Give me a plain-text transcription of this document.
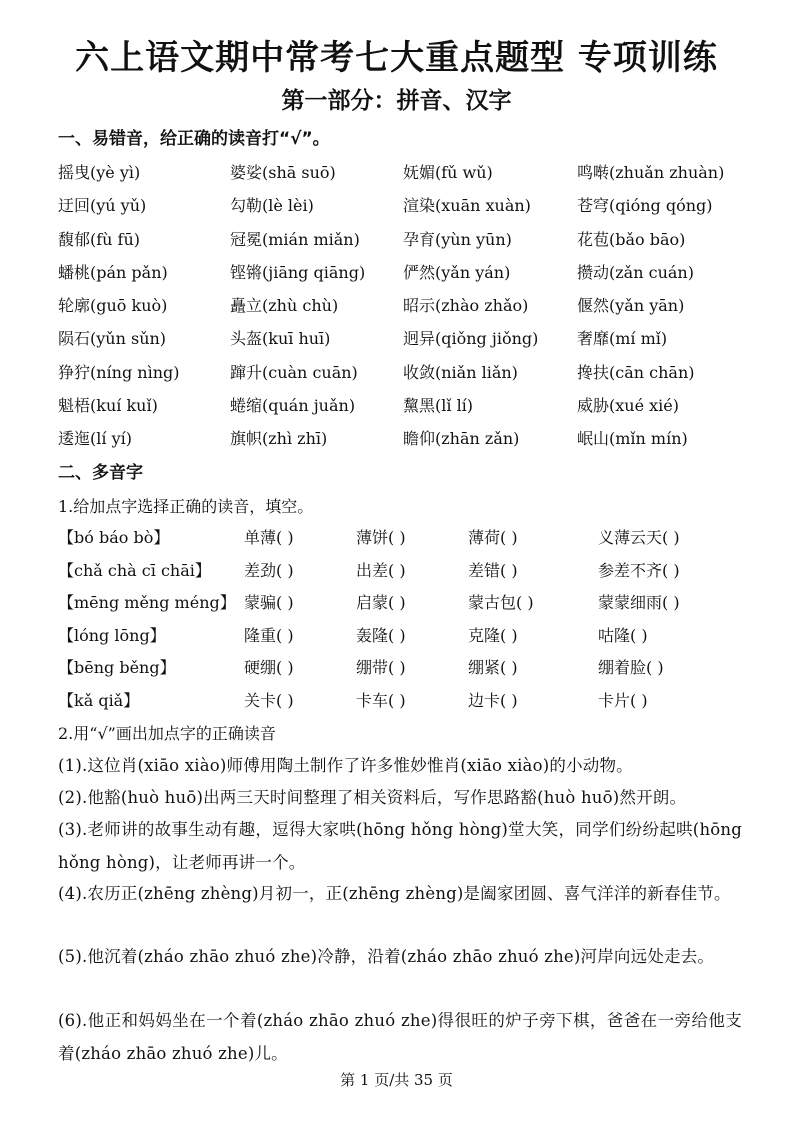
六上语文期中常考七大重点题型 专项训练
第一部分：拼音、汉字
一、易错音，给正确的读音打“√”。
摇曳(yè yì)	婆娑(shā suō)	妩媚(fǔ wǔ)	鸣啭(zhuǎn zhuàn)
迂回(yú yǔ)	勾勒(lè lèi)	渲染(xuān xuàn)	苍穹(qióng qóng)
馥郁(fù fū)	冠冕(mián miǎn)	孕育(yùn yūn)	花苞(bǎo bāo)
蟠桃(pán pǎn)	铿锵(jiāng qiāng) 俨然(yǎn yán)	攒动(zǎn cuán)
轮廓(guō kuò)	矗立(zhù chù)	昭示(zhào zhǎo)	偃然(yǎn yān)
陨石(yǔn sǔn)	头盔(kuī huī)	迥异(qiǒng jiǒng) 奢靡(mí mǐ)
狰狞(níng nìng)	蹿升(cuàn cuān)	收敛(niǎn liǎn)	搀扶(cān chān)
魁梧(kuí kuǐ)	蜷缩(quán juǎn)	黧黑(lǐ lí)	威胁(xué xié)
逶迤(lí yí)	旗帜(zhì zhī)	瞻仰(zhān zǎn)	岷山(mǐn mín)
二、多音字
1.给加点字选择正确的读音，填空。
【bó báo bò】	单薄( )	薄饼( )	薄荷( )	义薄云天( )
【chǎ chà cī chāi】 差劲( )	出差( )	差错( )	参差不齐( )
【mēng měng méng】 蒙骗( )	启蒙( )	蒙古包( )	蒙蒙细雨( )
【lóng lōng】	隆重( )	轰隆( )	克隆( )	咕隆( )
【bēng běng】	硬绷( )	绷带( )	绷紧( )	绷着脸( )
【kǎ qiǎ】	关卡( )	卡车( )	边卡( )	卡片( )
2.用“√”画出加点字的正确读音
(1).这位肖(xiāo xiào)师傅用陶土制作了许多惟妙惟肖(xiāo xiào)的小动物。
(2).他豁(huò huō)出两三天时间整理了相关资料后，写作思路豁(huò huō)然开朗。
(3).老师讲的故事生动有趣，逗得大家哄(hōng hǒng hòng)堂大笑，同学们纷纷起哄(hōng hǒng hòng)，让老师再讲一个。
(4).农历正(zhēng zhèng)月初一，正(zhēng zhèng)是阖家团圆、喜气洋洋的新春佳节。
(5).他沉着(zháo zhāo zhuó zhe)冷静，沿着(zháo zhāo zhuó zhe)河岸向远处走去。
(6).他正和妈妈坐在一个着(zháo zhāo zhuó zhe)得很旺的炉子旁下棋，爸爸在一旁给他支着(zháo zhāo zhuó zhe)儿。
第 1 页/共 35 页
